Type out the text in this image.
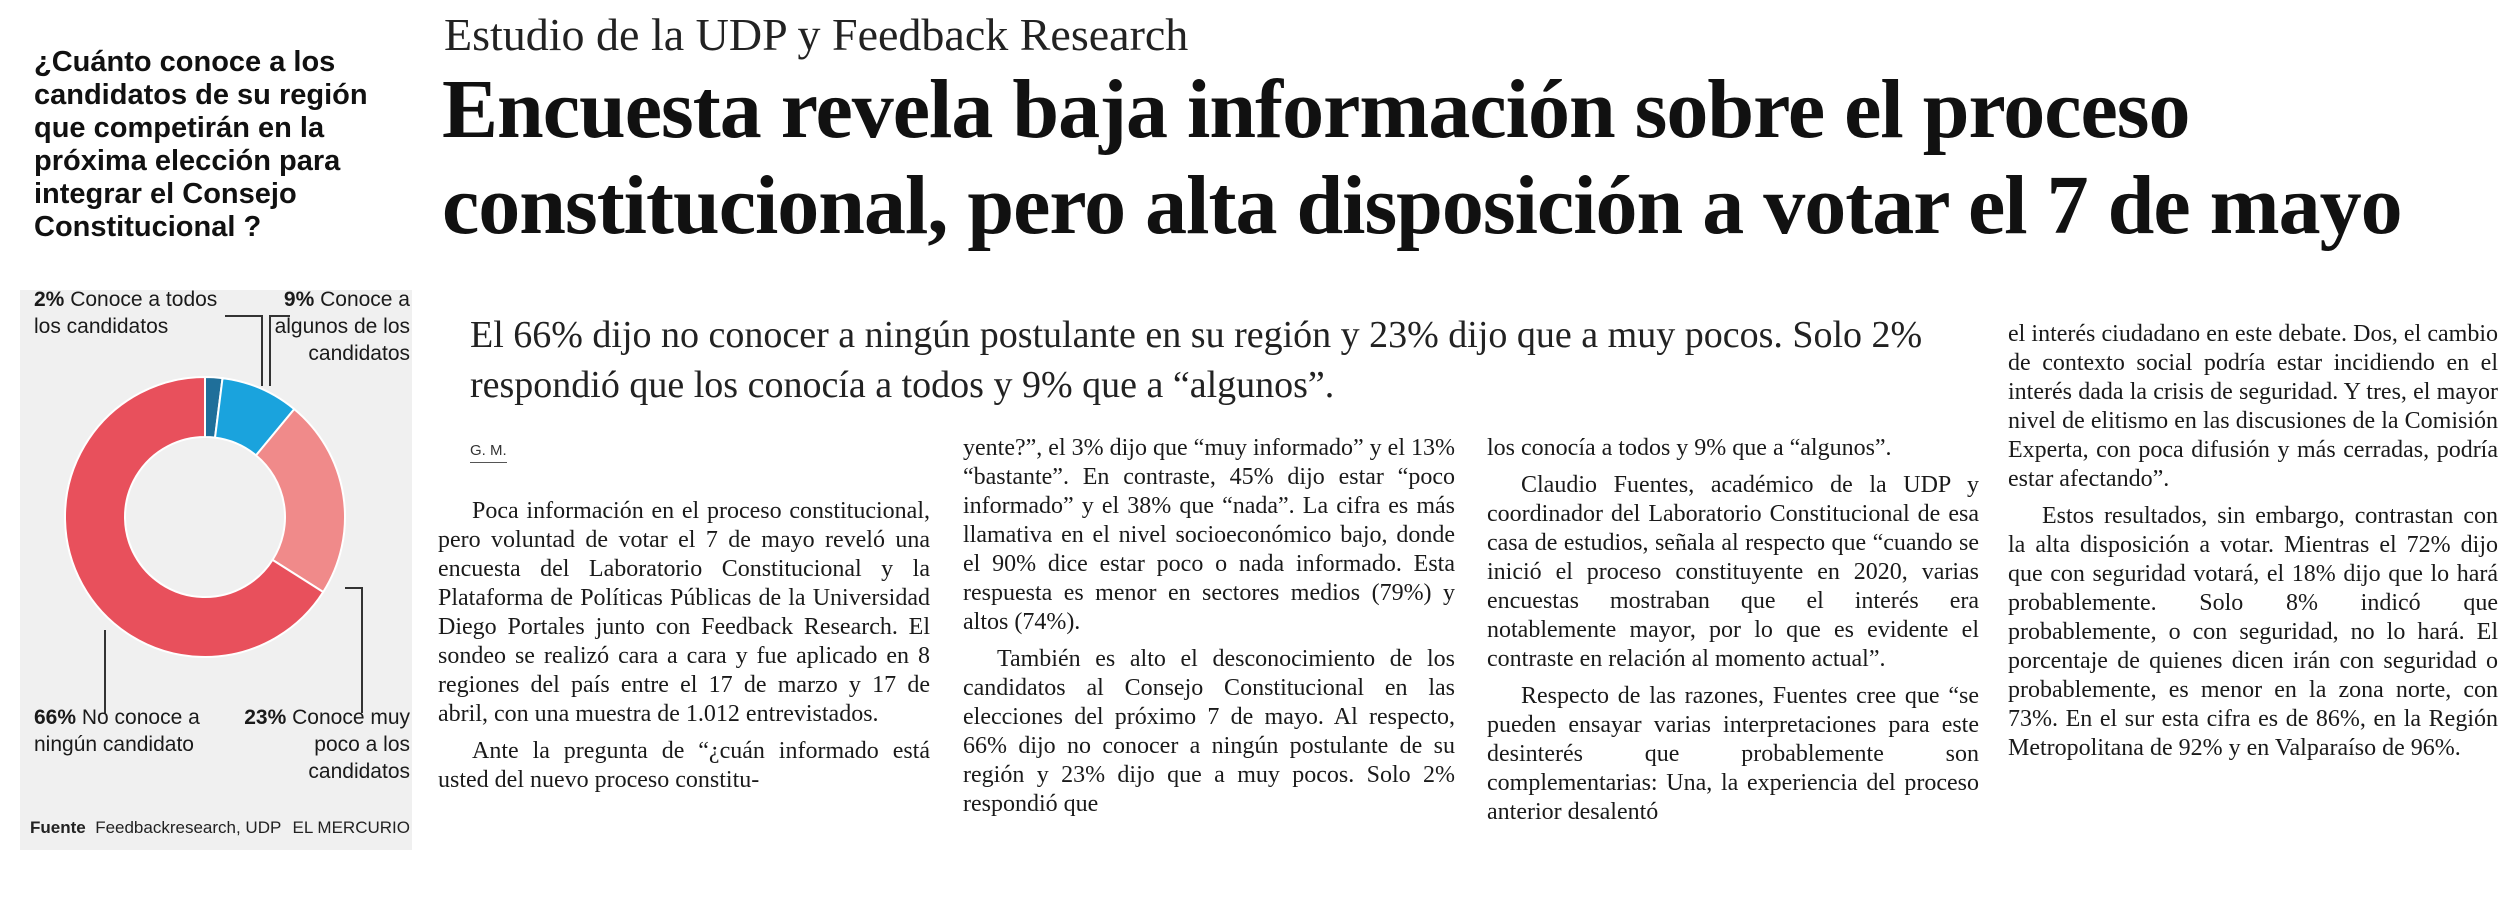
¿Cuánto conoce a los candidatos de su región que competirán en la próxima elección para integrar el Consejo Constitucional ?
2% Conoce a todos los candidatos
9% Conoce a algunos de los candidatos
66% No conoce a ningún candidato
23% Conoce muy poco a los candidatos
Fuente Feedbackresearch, UDP EL MERCURIO
Estudio de la UDP y Feedback Research
Encuesta revela baja información sobre el proceso constitucional, pero alta disposición a votar el 7 de mayo
El 66% dijo no conocer a ningún postulante en su región y 23% dijo que a muy pocos. Solo 2% respondió que los conocía a todos y 9% que a “algunos”.
G. M.

Poca información en el proceso constitucional, pero voluntad de votar el 7 de mayo reveló una encuesta del Laboratorio Constitucional y la Plataforma de Políticas Públicas de la Universidad Diego Portales junto con Feedback Research. El sondeo se realizó cara a cara y fue aplicado en 8 regiones del país entre el 17 de marzo y 17 de abril, con una muestra de 1.012 entrevistados.

Ante la pregunta de “¿cuán informado está usted del nuevo proceso constitu-

yente?”, el 3% dijo que “muy informado” y el 13% “bastante”. En contraste, 45% dijo estar “poco informado” y el 38% que “nada”. La cifra es más llamativa en el nivel socioeconómico bajo, donde el 90% dice estar poco o nada informado. Esta respuesta es menor en sectores medios (79%) y altos (74%).

También es alto el desconocimiento de los candidatos al Consejo Constitucional en las elecciones del próximo 7 de mayo. Al respecto, 66% dijo no conocer a ningún postulante de su región y 23% dijo que a muy pocos. Solo 2% respondió que

los conocía a todos y 9% que a “algunos”.

Claudio Fuentes, académico de la UDP y coordinador del Laboratorio Constitucional de esa casa de estudios, señala al respecto que “cuando se inició el proceso constituyente en 2020, varias encuestas mostraban que el interés era notablemente mayor, por lo que es evidente el contraste en relación al momento actual”.

Respecto de las razones, Fuentes cree que “se pueden ensayar varias interpretaciones para este desinterés que probablemente son complementarias: Una, la experiencia del proceso anterior desalentó

el interés ciudadano en este debate. Dos, el cambio de contexto social podría estar incidiendo en el interés dada la crisis de seguridad. Y tres, el mayor nivel de elitismo en las discusiones de la Comisión Experta, con poca difusión y más cerradas, podría estar afectando”.

Estos resultados, sin embargo, contrastan con la alta disposición a votar. Mientras el 72% dijo que con seguridad votará, el 18% dijo que lo hará probablemente. Solo 8% indicó que probablemente, o con seguridad, no lo hará. El porcentaje de quienes dicen irán con seguridad o probablemente, es menor en la zona norte, con 73%. En el sur esta cifra es de 86%, en la Región Metropolitana de 92% y en Valparaíso de 96%.
